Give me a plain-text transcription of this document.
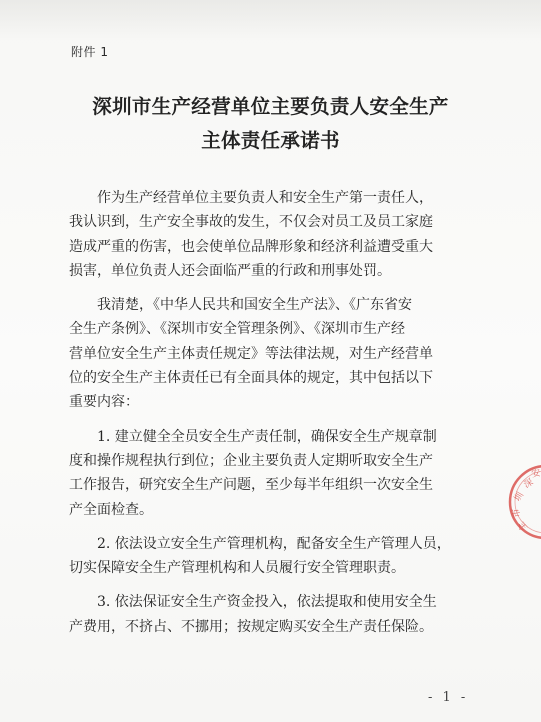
附件 1
深圳市生产经营单位主要负责人安全生产
主体责任承诺书
作为生产经营单位主要负责人和安全生产第一责任人，
我认识到，生产安全事故的发生，不仅会对员工及员工家庭
造成严重的伤害，也会使单位品牌形象和经济利益遭受重大
损害，单位负责人还会面临严重的行政和刑事处罚。
我清楚，《中华人民共和国安全生产法》、《广东省安
全生产条例》、《深圳市安全管理条例》、《深圳市生产经
营单位安全生产主体责任规定》等法律法规，对生产经营单
位的安全生产主体责任已有全面具体的规定，其中包括以下
重要内容：
1. 建立健全全员安全生产责任制，确保安全生产规章制
度和操作规程执行到位；企业主要负责人定期听取安全生产
工作报告，研究安全生产问题，至少每半年组织一次安全生
产全面检查。
2. 依法设立安全生产管理机构，配备安全生产管理人员，
切实保障安全生产管理机构和人员履行安全管理职责。
3. 依法保证安全生产资金投入，依法提取和使用安全生
产费用，不挤占、不挪用；按规定购买安全生产责任保险。
- 1 -
深
圳
市
安
全
